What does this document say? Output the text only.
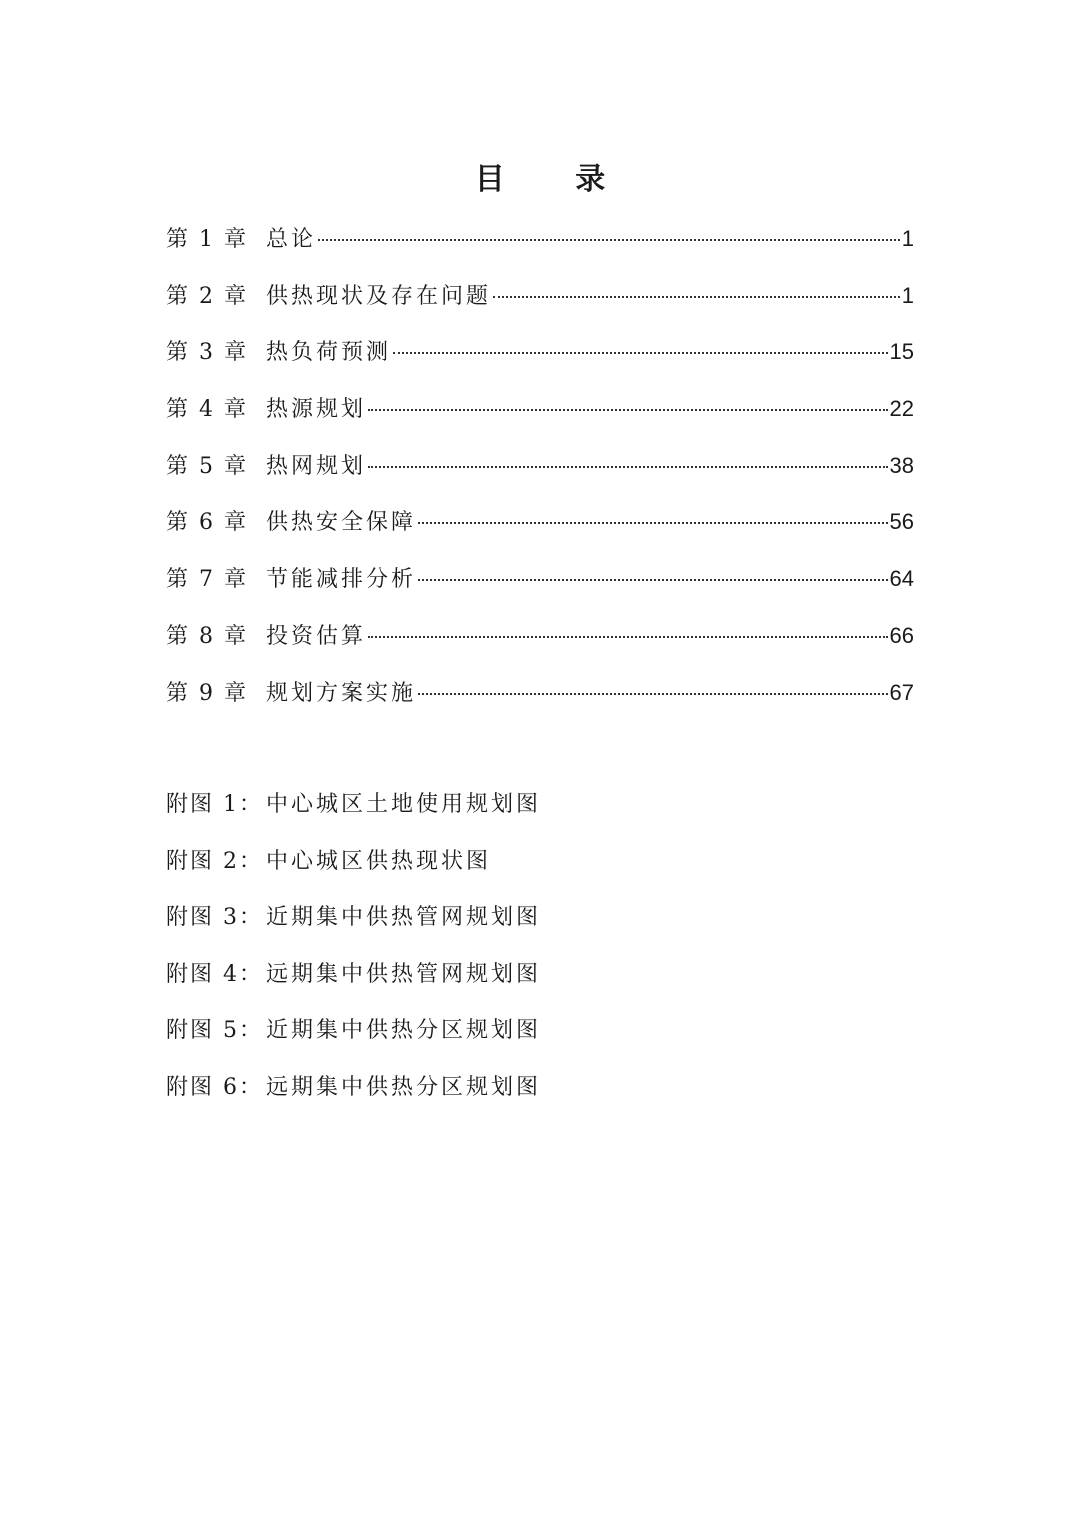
目 录
第 1 章 总论	1
第 2 章 供热现状及存在问题	1
第 3 章 热负荷预测	15
第 4 章 热源规划	22
第 5 章 热网规划	38
第 6 章 供热安全保障	56
第 7 章 节能减排分析	64
第 8 章 投资估算	66
第 9 章 规划方案实施	67
附图 1： 中心城区土地使用规划图
附图 2： 中心城区供热现状图
附图 3： 近期集中供热管网规划图
附图 4： 远期集中供热管网规划图
附图 5： 近期集中供热分区规划图
附图 6： 远期集中供热分区规划图
